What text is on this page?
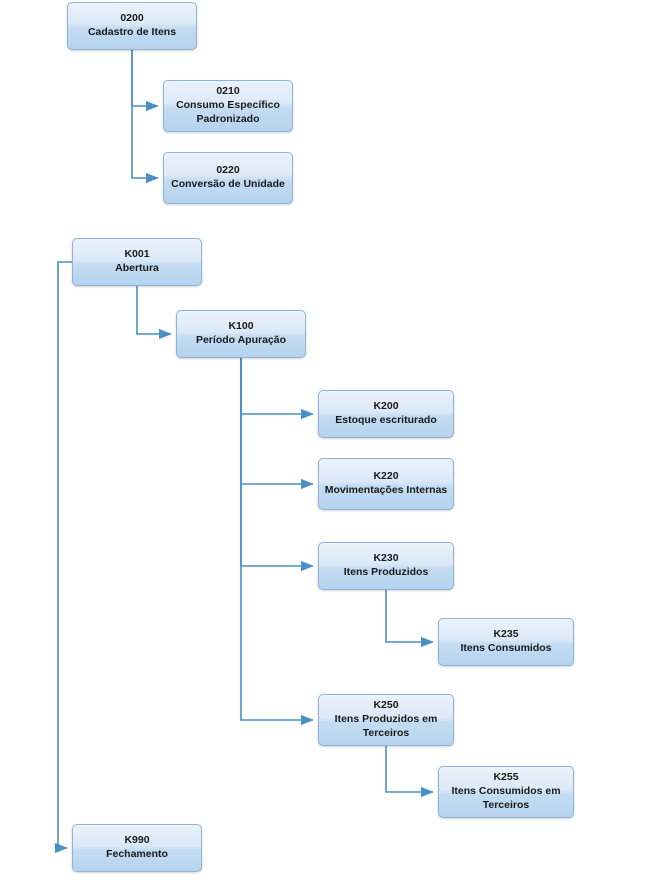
0200
Cadastro de Itens
0210
Consumo Específico Padronizado
0220
Conversão de Unidade
K001
Abertura
K100
Período Apuração
K200
Estoque escriturado
K220
Movimentações Internas
K230
Itens Produzidos
K235
Itens Consumidos
K250
Itens Produzidos em Terceiros
K255
Itens Consumidos em Terceiros
K990
Fechamento
